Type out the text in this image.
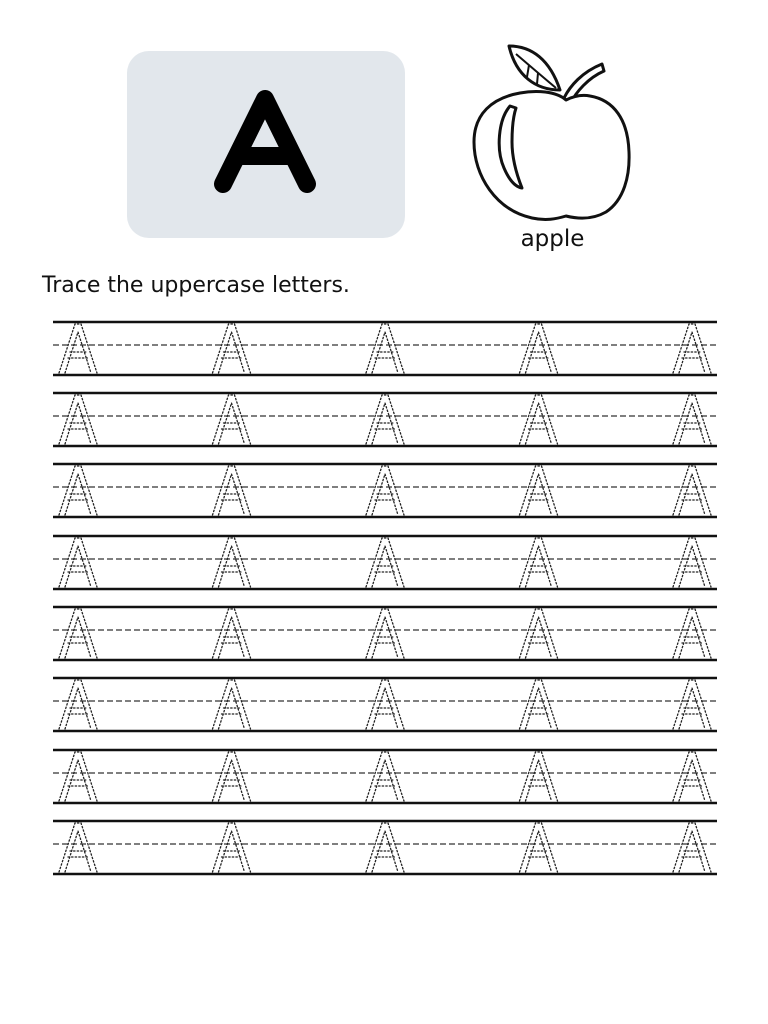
apple
Trace the uppercase letters.
